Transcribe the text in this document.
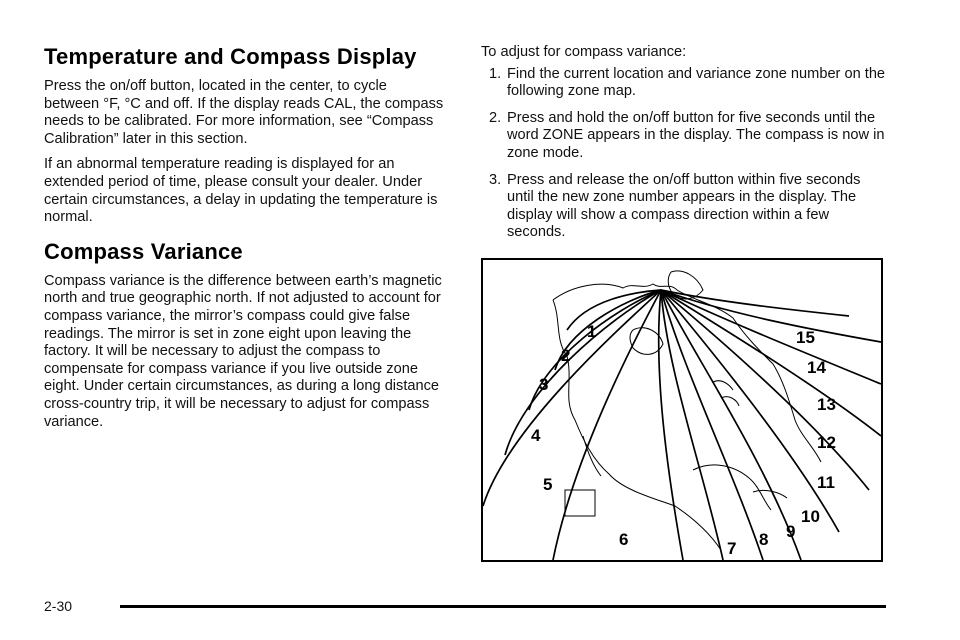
Temperature and Compass Display

Press the on/off button, located in the center, to cycle between °F, °C and off. If the display reads CAL, the compass needs to be calibrated. For more information, see “Compass Calibration” later in this section.

If an abnormal temperature reading is displayed for an extended period of time, please consult your dealer. Under certain circumstances, a delay in updating the temperature is normal.

Compass Variance

Compass variance is the difference between earth’s magnetic north and true geographic north. If not adjusted to account for compass variance, the mirror’s compass could give false readings. The mirror is set in zone eight upon leaving the factory. It will be necessary to adjust the compass to compensate for compass variance if you live outside zone eight. Under certain circumstances, as during a long distance cross-country trip, it will be necessary to adjust for compass variance.

To adjust for compass variance:

1. Find the current location and variance zone number on the following zone map.
2. Press and hold the on/off button for five seconds until the word ZONE appears in the display. The compass is now in zone mode.
3. Press and release the on/off button within five seconds until the new zone number appears in the display. The display will show a compass direction within a few seconds.
1
2
3
4
5
6	7 8 9
10
11
12
13
14
15
2-30
